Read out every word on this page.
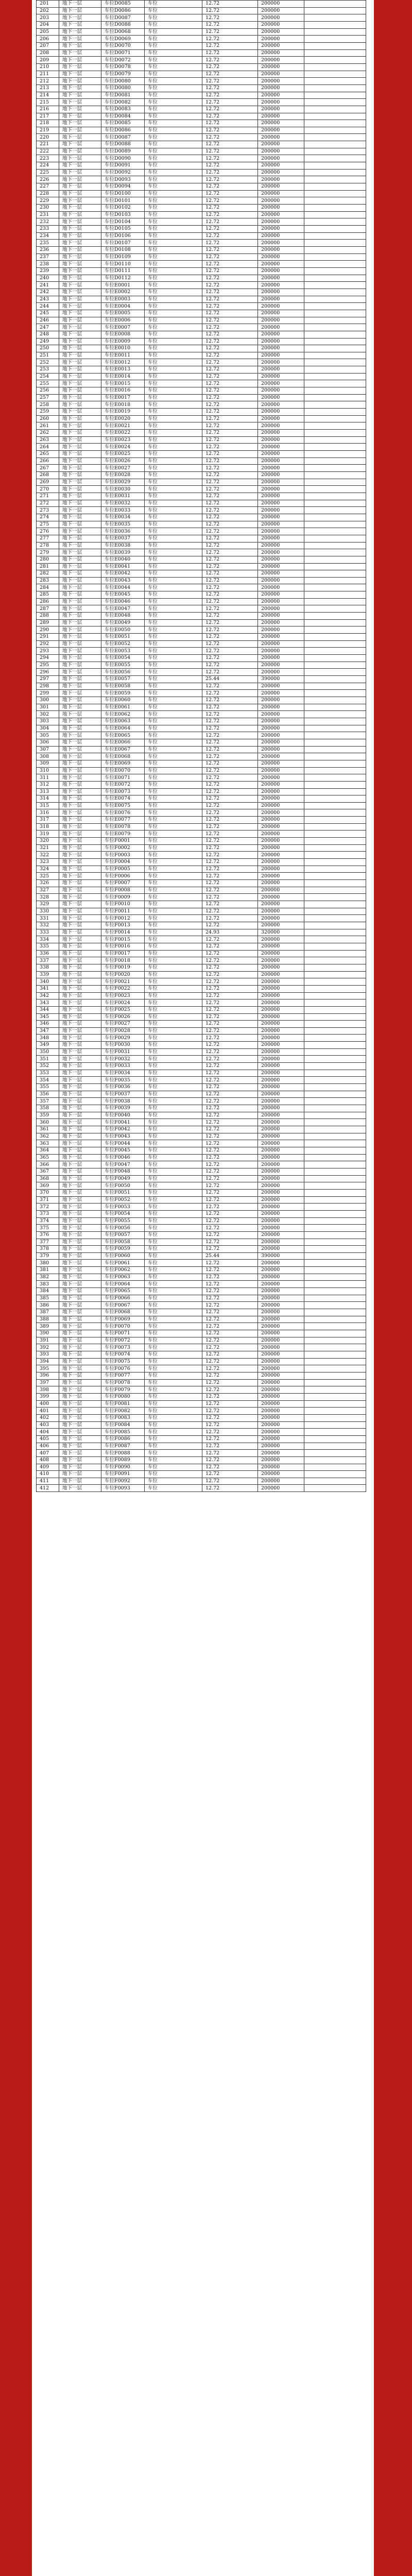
201	地下一层	车位D0085	车位	12.72	200000	
202	地下一层	车位D0086	车位	12.72	200000	
203	地下一层	车位D0087	车位	12.72	200000	
204	地下一层	车位D0088	车位	12.72	200000	
205	地下一层	车位D0068	车位	12.72	200000	
206	地下一层	车位D0069	车位	12.72	200000	
207	地下一层	车位D0070	车位	12.72	200000	
208	地下一层	车位D0071	车位	12.72	200000	
209	地下一层	车位D0072	车位	12.72	200000	
210	地下一层	车位D0078	车位	12.72	200000	
211	地下一层	车位D0079	车位	12.72	200000	
212	地下一层	车位D0080	车位	12.72	200000	
213	地下一层	车位D0080	车位	12.72	200000	
214	地下一层	车位D0081	车位	12.72	200000	
215	地下一层	车位D0082	车位	12.72	200000	
216	地下一层	车位D0083	车位	12.72	200000	
217	地下一层	车位D0084	车位	12.72	200000	
218	地下一层	车位D0085	车位	12.72	200000	
219	地下一层	车位D0086	车位	12.72	200000	
220	地下一层	车位D0087	车位	12.72	200000	
221	地下一层	车位D0088	车位	12.72	200000	
222	地下一层	车位D0089	车位	12.72	200000	
223	地下一层	车位D0090	车位	12.72	200000	
224	地下一层	车位D0091	车位	12.72	200000	
225	地下一层	车位D0092	车位	12.72	200000	
226	地下一层	车位D0093	车位	12.72	200000	
227	地下一层	车位D0094	车位	12.72	200000	
228	地下一层	车位D0100	车位	12.72	200000	
229	地下一层	车位D0101	车位	12.72	200000	
230	地下一层	车位D0102	车位	12.72	200000	
231	地下一层	车位D0103	车位	12.72	200000	
232	地下一层	车位D0104	车位	12.72	200000	
233	地下一层	车位D0105	车位	12.72	200000	
234	地下一层	车位D0106	车位	12.72	200000	
235	地下一层	车位D0107	车位	12.72	200000	
236	地下一层	车位D0108	车位	12.72	200000	
237	地下一层	车位D0109	车位	12.72	200000	
238	地下一层	车位D0110	车位	12.72	200000	
239	地下一层	车位D0111	车位	12.72	200000	
240	地下一层	车位D0112	车位	12.72	200000	
241	地下一层	车位E0001	车位	12.72	200000	
242	地下一层	车位E0002	车位	12.72	200000	
243	地下一层	车位E0003	车位	12.72	200000	
244	地下一层	车位E0004	车位	12.72	200000	
245	地下一层	车位E0005	车位	12.72	200000	
246	地下一层	车位E0006	车位	12.72	200000	
247	地下一层	车位E0007	车位	12.72	200000	
248	地下一层	车位E0008	车位	12.72	200000	
249	地下一层	车位E0009	车位	12.72	200000	
250	地下一层	车位E0010	车位	12.72	200000	
251	地下一层	车位E0011	车位	12.72	200000	
252	地下一层	车位E0012	车位	12.72	200000	
253	地下一层	车位E0013	车位	12.72	200000	
254	地下一层	车位E0014	车位	12.72	200000	
255	地下一层	车位E0015	车位	12.72	200000	
256	地下一层	车位E0016	车位	12.72	200000	
257	地下一层	车位E0017	车位	12.72	200000	
258	地下一层	车位E0018	车位	12.72	200000	
259	地下一层	车位E0019	车位	12.72	200000	
260	地下一层	车位E0020	车位	12.72	200000	
261	地下一层	车位E0021	车位	12.72	200000	
262	地下一层	车位E0022	车位	12.72	200000	
263	地下一层	车位E0023	车位	12.72	200000	
264	地下一层	车位E0024	车位	12.72	200000	
265	地下一层	车位E0025	车位	12.72	200000	
266	地下一层	车位E0026	车位	12.72	200000	
267	地下一层	车位E0027	车位	12.72	200000	
268	地下一层	车位E0028	车位	12.72	200000	
269	地下一层	车位E0029	车位	12.72	200000	
270	地下一层	车位E0030	车位	12.72	200000	
271	地下一层	车位E0031	车位	12.72	200000	
272	地下一层	车位E0032	车位	12.72	200000	
273	地下一层	车位E0033	车位	12.72	200000	
274	地下一层	车位E0034	车位	12.72	200000	
275	地下一层	车位E0035	车位	12.72	200000	
276	地下一层	车位E0036	车位	12.72	200000	
277	地下一层	车位E0037	车位	12.72	200000	
278	地下一层	车位E0038	车位	12.72	200000	
279	地下一层	车位E0039	车位	12.72	200000	
280	地下一层	车位E0040	车位	12.72	200000	
281	地下一层	车位E0041	车位	12.72	200000	
282	地下一层	车位E0042	车位	12.72	200000	
283	地下一层	车位E0043	车位	12.72	200000	
284	地下一层	车位E0044	车位	12.72	200000	
285	地下一层	车位E0045	车位	12.72	200000	
286	地下一层	车位E0046	车位	12.72	200000	
287	地下一层	车位E0047	车位	12.72	200000	
288	地下一层	车位E0048	车位	12.72	200000	
289	地下一层	车位E0049	车位	12.72	200000	
290	地下一层	车位E0050	车位	12.72	200000	
291	地下一层	车位E0051	车位	12.72	200000	
292	地下一层	车位E0052	车位	12.72	200000	
293	地下一层	车位E0053	车位	12.72	200000	
294	地下一层	车位E0054	车位	12.72	200000	
295	地下一层	车位E0055	车位	12.72	200000	
296	地下一层	车位E0056	车位	12.72	200000	
297	地下一层	车位E0057	车位	25.44	390000	
298	地下一层	车位E0058	车位	12.72	200000	
299	地下一层	车位E0059	车位	12.72	200000	
300	地下一层	车位E0060	车位	12.72	200000	
301	地下一层	车位E0061	车位	12.72	200000	
302	地下一层	车位E0062	车位	12.72	200000	
303	地下一层	车位E0063	车位	12.72	200000	
304	地下一层	车位E0064	车位	12.72	200000	
305	地下一层	车位E0065	车位	12.72	200000	
306	地下一层	车位E0066	车位	12.72	200000	
307	地下一层	车位E0067	车位	12.72	200000	
308	地下一层	车位E0068	车位	12.72	200000	
309	地下一层	车位E0069	车位	12.72	200000	
310	地下一层	车位E0070	车位	12.72	200000	
311	地下一层	车位E0071	车位	12.72	200000	
312	地下一层	车位E0072	车位	12.72	200000	
313	地下一层	车位E0073	车位	12.72	200000	
314	地下一层	车位E0074	车位	12.72	200000	
315	地下一层	车位E0075	车位	12.72	200000	
316	地下一层	车位E0076	车位	12.72	200000	
317	地下一层	车位E0077	车位	12.72	200000	
318	地下一层	车位E0078	车位	12.72	200000	
319	地下一层	车位E0079	车位	12.72	200000	
320	地下一层	车位F0001	车位	12.72	200000	
321	地下一层	车位F0002	车位	12.72	200000	
322	地下一层	车位F0003	车位	12.72	200000	
323	地下一层	车位F0004	车位	12.72	200000	
324	地下一层	车位F0005	车位	12.72	200000	
325	地下一层	车位F0006	车位	12.72	200000	
326	地下一层	车位F0007	车位	12.72	200000	
327	地下一层	车位F0008	车位	12.72	200000	
328	地下一层	车位F0009	车位	12.72	200000	
329	地下一层	车位F0010	车位	12.72	200000	
330	地下一层	车位F0011	车位	12.72	200000	
331	地下一层	车位F0012	车位	12.72	200000	
332	地下一层	车位F0013	车位	12.72	200000	
333	地下一层	车位F0014	车位	24.93	320000	
334	地下一层	车位F0015	车位	12.72	200000	
335	地下一层	车位F0016	车位	12.72	200000	
336	地下一层	车位F0017	车位	12.72	200000	
337	地下一层	车位F0018	车位	12.72	200000	
338	地下一层	车位F0019	车位	12.72	200000	
339	地下一层	车位F0020	车位	12.72	200000	
340	地下一层	车位F0021	车位	12.72	200000	
341	地下一层	车位F0022	车位	12.72	200000	
342	地下一层	车位F0023	车位	12.72	200000	
343	地下一层	车位F0024	车位	12.72	200000	
344	地下一层	车位F0025	车位	12.72	200000	
345	地下一层	车位F0026	车位	12.72	200000	
346	地下一层	车位F0027	车位	12.72	200000	
347	地下一层	车位F0028	车位	12.72	200000	
348	地下一层	车位F0029	车位	12.72	200000	
349	地下一层	车位F0030	车位	12.72	200000	
350	地下一层	车位F0031	车位	12.72	200000	
351	地下一层	车位F0032	车位	12.72	200000	
352	地下一层	车位F0033	车位	12.72	200000	
353	地下一层	车位F0034	车位	12.72	200000	
354	地下一层	车位F0035	车位	12.72	200000	
355	地下一层	车位F0036	车位	12.72	200000	
356	地下一层	车位F0037	车位	12.72	200000	
357	地下一层	车位F0038	车位	12.72	200000	
358	地下一层	车位F0039	车位	12.72	200000	
359	地下一层	车位F0040	车位	12.72	200000	
360	地下一层	车位F0041	车位	12.72	200000	
361	地下一层	车位F0042	车位	12.72	200000	
362	地下一层	车位F0043	车位	12.72	200000	
363	地下一层	车位F0044	车位	12.72	200000	
364	地下一层	车位F0045	车位	12.72	200000	
365	地下一层	车位F0046	车位	12.72	200000	
366	地下一层	车位F0047	车位	12.72	200000	
367	地下一层	车位F0048	车位	12.72	200000	
368	地下一层	车位F0049	车位	12.72	200000	
369	地下一层	车位F0050	车位	12.72	200000	
370	地下一层	车位F0051	车位	12.72	200000	
371	地下一层	车位F0052	车位	12.72	200000	
372	地下一层	车位F0053	车位	12.72	200000	
373	地下一层	车位F0054	车位	12.72	200000	
374	地下一层	车位F0055	车位	12.72	200000	
375	地下一层	车位F0056	车位	12.72	200000	
376	地下一层	车位F0057	车位	12.72	200000	
377	地下一层	车位F0058	车位	12.72	200000	
378	地下一层	车位F0059	车位	12.72	200000	
379	地下一层	车位F0060	车位	25.44	390000	
380	地下一层	车位F0061	车位	12.72	200000	
381	地下一层	车位F0062	车位	12.72	200000	
382	地下一层	车位F0063	车位	12.72	200000	
383	地下一层	车位F0064	车位	12.72	200000	
384	地下一层	车位F0065	车位	12.72	200000	
385	地下一层	车位F0066	车位	12.72	200000	
386	地下一层	车位F0067	车位	12.72	200000	
387	地下一层	车位F0068	车位	12.72	200000	
388	地下一层	车位F0069	车位	12.72	200000	
389	地下一层	车位F0070	车位	12.72	200000	
390	地下一层	车位F0071	车位	12.72	200000	
391	地下一层	车位F0072	车位	12.72	200000	
392	地下一层	车位F0073	车位	12.72	200000	
393	地下一层	车位F0074	车位	12.72	200000	
394	地下一层	车位F0075	车位	12.72	200000	
395	地下一层	车位F0076	车位	12.72	200000	
396	地下一层	车位F0077	车位	12.72	200000	
397	地下一层	车位F0078	车位	12.72	200000	
398	地下一层	车位F0079	车位	12.72	200000	
399	地下一层	车位F0080	车位	12.72	200000	
400	地下一层	车位F0081	车位	12.72	200000	
401	地下一层	车位F0082	车位	12.72	200000	
402	地下一层	车位F0083	车位	12.72	200000	
403	地下一层	车位F0084	车位	12.72	200000	
404	地下一层	车位F0085	车位	12.72	200000	
405	地下一层	车位F0086	车位	12.72	200000	
406	地下一层	车位F0087	车位	12.72	200000	
407	地下一层	车位F0088	车位	12.72	200000	
408	地下一层	车位F0089	车位	12.72	200000	
409	地下一层	车位F0090	车位	12.72	200000	
410	地下一层	车位F0091	车位	12.72	200000	
411	地下一层	车位F0092	车位	12.72	200000	
412	地下一层	车位F0093	车位	12.72	200000	
